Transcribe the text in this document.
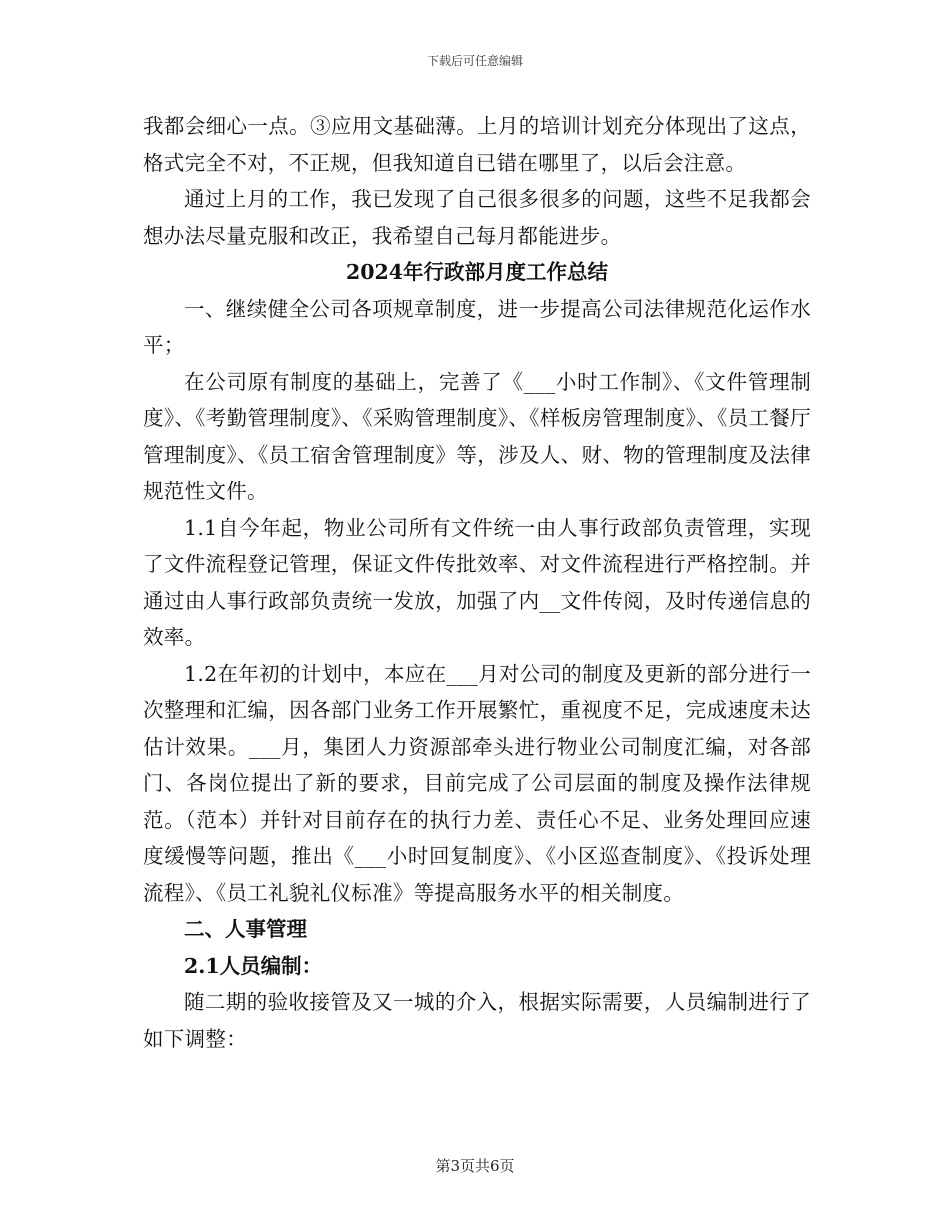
下载后可任意编辑

我都会细心一点。③应用文基础薄。上月的培训计划充分体现出了这点，格式完全不对，不正规，但我知道自已错在哪里了，以后会注意。

通过上月的工作，我已发现了自己很多很多的问题，这些不足我都会想办法尽量克服和改正，我希望自己每月都能进步。

2024年行政部月度工作总结

一、继续健全公司各项规章制度，进一步提高公司法律规范化运作水平；

在公司原有制度的基础上，完善了《___小时工作制》、《文件管理制度》、《考勤管理制度》、《采购管理制度》、《样板房管理制度》、《员工餐厅管理制度》、《员工宿舍管理制度》等，涉及人、财、物的管理制度及法律规范性文件。

1.1自今年起，物业公司所有文件统一由人事行政部负责管理，实现了文件流程登记管理，保证文件传批效率、对文件流程进行严格控制。并通过由人事行政部负责统一发放，加强了内__文件传阅，及时传递信息的效率。

1.2在年初的计划中，本应在___月对公司的制度及更新的部分进行一次整理和汇编，因各部门业务工作开展繁忙，重视度不足，完成速度未达估计效果。___月，集团人力资源部牵头进行物业公司制度汇编，对各部门、各岗位提出了新的要求，目前完成了公司层面的制度及操作法律规范。（范本）并针对目前存在的执行力差、责任心不足、业务处理回应速度缓慢等问题，推出《___小时回复制度》、《小区巡查制度》、《投诉处理流程》、《员工礼貌礼仪标准》等提高服务水平的相关制度。

二、人事管理

2.1人员编制：

随二期的验收接管及又一城的介入，根据实际需要，人员编制进行了如下调整：

第3页共6页
